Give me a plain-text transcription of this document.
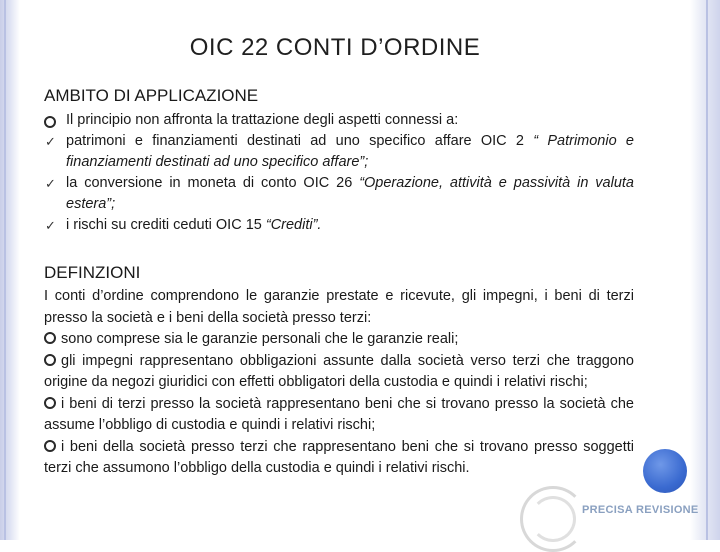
OIC 22 CONTI D’ORDINE
AMBITO DI APPLICAZIONE
Il principio non affronta la trattazione degli aspetti connessi a:
✓ patrimoni e finanziamenti destinati ad uno specifico affare OIC 2 “ Patrimonio e finanziamenti destinati ad uno specifico affare”;
✓ la conversione in moneta di conto OIC 26 “Operazione, attività e passività in valuta estera”;
✓ i rischi su crediti ceduti OIC 15 “Crediti”.
DEFINZIONI
I conti d’ordine comprendono le garanzie prestate e ricevute, gli impegni, i beni di terzi presso la società e i beni della società presso terzi:
sono comprese sia le garanzie personali che le garanzie reali;
gli impegni rappresentano obbligazioni assunte dalla società verso terzi che traggono origine da negozi giuridici con effetti obbligatori della custodia e quindi i relativi rischi;
i beni di terzi presso la società rappresentano beni che si trovano presso la società che assume l’obbligo di custodia e quindi i relativi rischi;
i beni della società presso terzi che rappresentano beni che si trovano presso soggetti terzi che assumono l’obbligo della custodia e quindi i relativi rischi.
PRECISA REVISIONE
